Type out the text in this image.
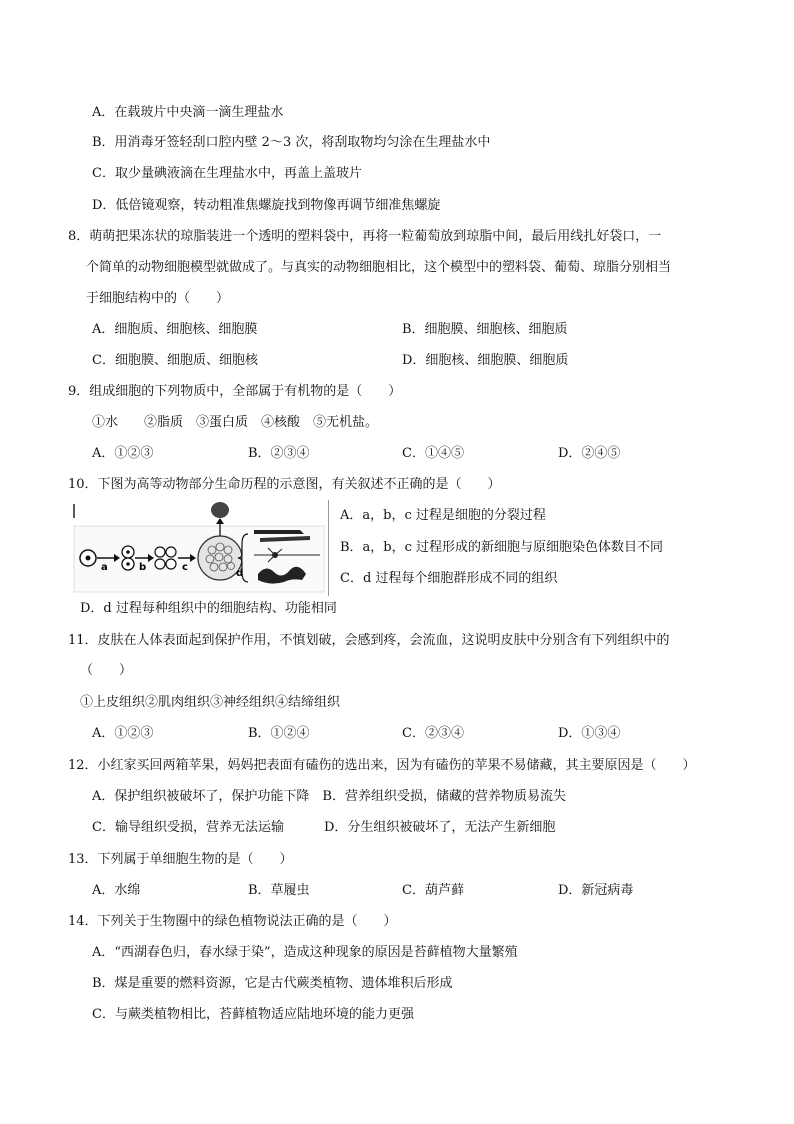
A．在载玻片中央滴一滴生理盐水
B．用消毒牙签轻刮口腔内壁 2～3 次，将刮取物均匀涂在生理盐水中
C．取少量碘液滴在生理盐水中，再盖上盖玻片
D．低倍镜观察，转动粗准焦螺旋找到物像再调节细准焦螺旋
8．萌萌把果冻状的琼脂装进一个透明的塑料袋中，再将一粒葡萄放到琼脂中间，最后用线扎好袋口，一
个简单的动物细胞模型就做成了。与真实的动物细胞相比，这个模型中的塑料袋、葡萄、琼脂分别相当
于细胞结构中的（　　）
A．细胞质、细胞核、细胞膜	B．细胞膜、细胞核、细胞质
C．细胞膜、细胞质、细胞核	D．细胞核、细胞膜、细胞质
9．组成细胞的下列物质中，全部属于有机物的是（　　）
①水　　②脂质　③蛋白质　④核酸　⑤无机盐。
A．①②③	B．②③④	C．①④⑤	D．②④⑤
10．下图为高等动物部分生命历程的示意图，有关叙述不正确的是（　　）
a	b	c
d
A．a，b，c 过程是细胞的分裂过程
B．a，b，c 过程形成的新细胞与原细胞染色体数目不同
C．d 过程每个细胞群形成不同的组织
D．d 过程每种组织中的细胞结构、功能相同
11．皮肤在人体表面起到保护作用，不慎划破，会感到疼，会流血，这说明皮肤中分别含有下列组织中的
（　　）
①上皮组织②肌肉组织③神经组织④结缔组织
A．①②③	B．①②④	C．②③④	D．①③④
12．小红家买回两箱苹果，妈妈把表面有磕伤的选出来，因为有磕伤的苹果不易储藏，其主要原因是（　　）
A．保护组织被破坏了，保护功能下降　B．营养组织受损，储藏的营养物质易流失
C．输导组织受损，营养无法运输	D．分生组织被破坏了，无法产生新细胞
13．下列属于单细胞生物的是（　　）
A．水绵	B．草履虫	C．葫芦藓	D．新冠病毒
14．下列关于生物圈中的绿色植物说法正确的是（　　）
A．“西湖春色归，春水绿于染”，造成这种现象的原因是苔藓植物大量繁殖
B．煤是重要的燃料资源，它是古代蕨类植物、遗体堆积后形成
C．与蕨类植物相比，苔藓植物适应陆地环境的能力更强
